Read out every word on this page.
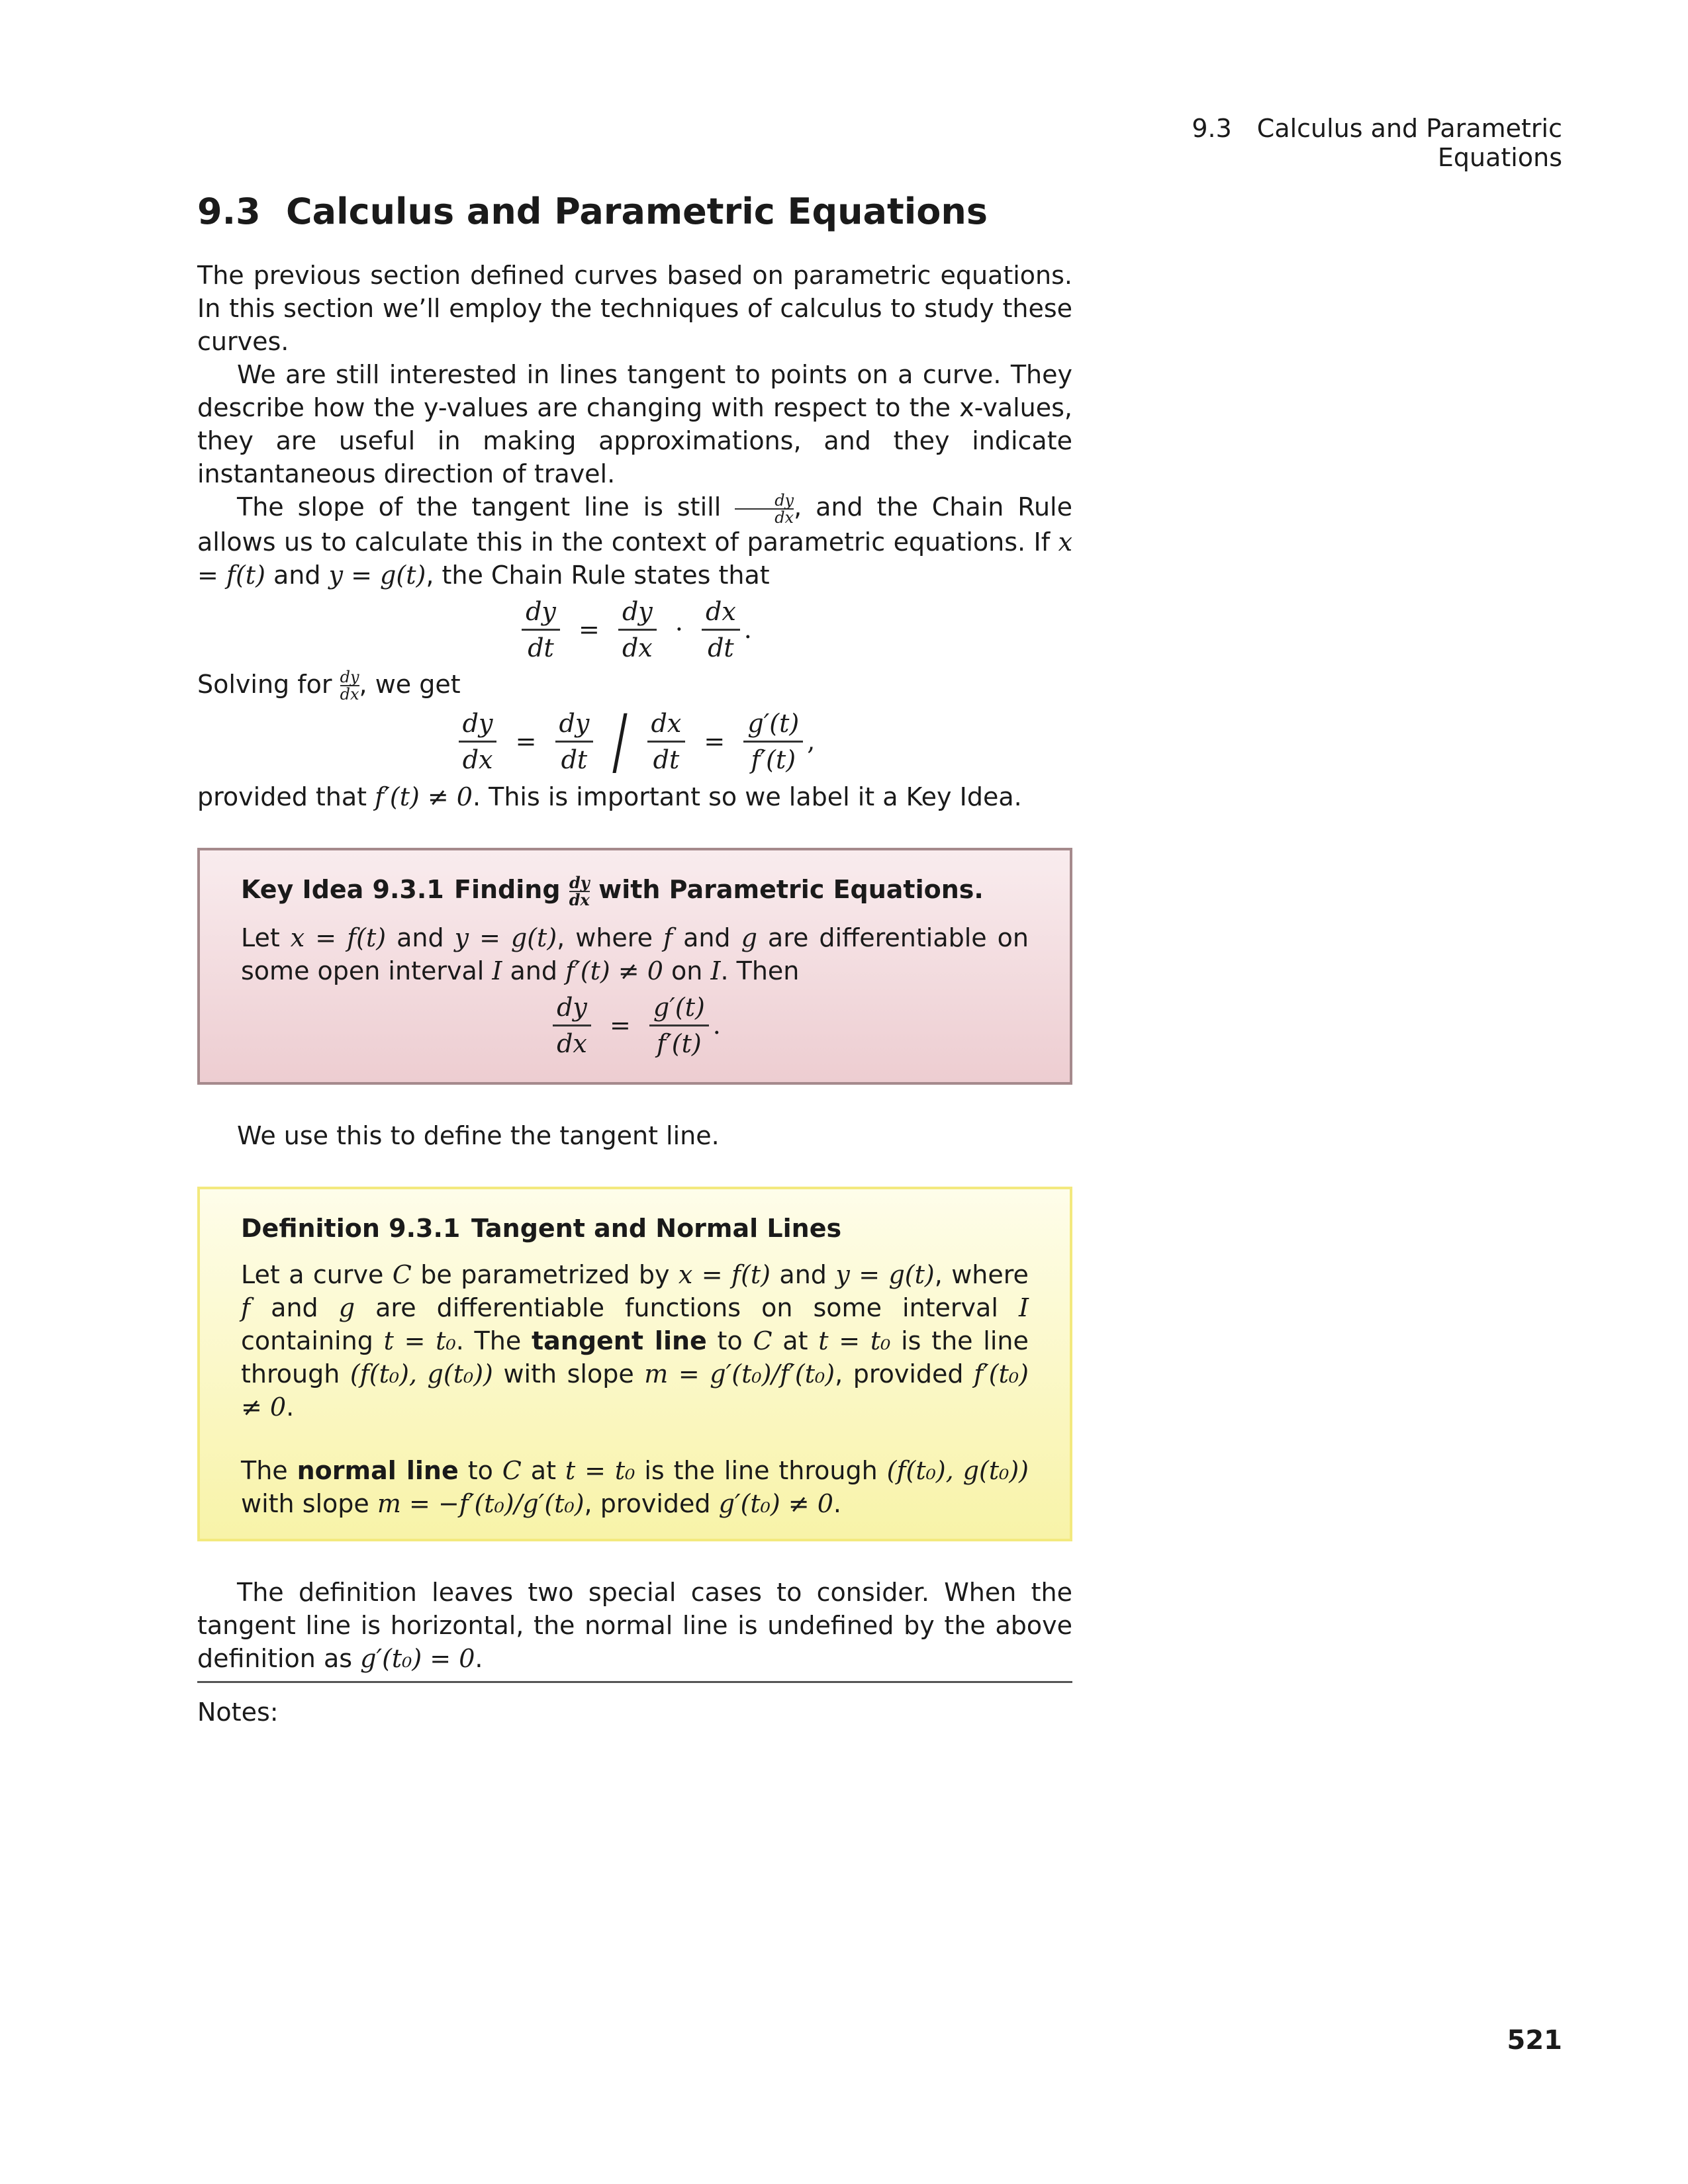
9.3 Calculus and Parametric Equations
9.3 Calculus and Parametric Equations

The previous section defined curves based on parametric equations. In this section we’ll employ the techniques of calculus to study these curves.

We are still interested in lines tangent to points on a curve. They describe how the y-values are changing with respect to the x-values, they are useful in making approximations, and they indicate instantaneous direction of travel.

The slope of the tangent line is still $\frac{dy}{dx}$ , and the Chain Rule allows us to calculate this in the context of parametric equations. If x = f(t) and y = g(t), the Chain Rule states that

$\frac{dy}{dt} = \frac{dy}{dx} \cdot \frac{dx}{dt}$ .

Solving for $\frac{dy}{dx}$ , we get

$\frac{dy}{dx} = \frac{dy}{dt} / \frac{dx}{dt} = \frac{g'(t)}{f'(t)}$ ,

provided that f′(t) ≠ 0. This is important so we label it a Key Idea.

Key Idea 9.3.1 Finding $\frac{dy}{dx}$ with Parametric Equations.

Let x = f(t) and y = g(t), where f and g are differentiable on some open interval I and f′(t) ≠ 0 on I. Then

$\frac{dy}{dx} = \frac{g'(t)}{f'(t)}$ .

We use this to define the tangent line.

Definition 9.3.1 Tangent and Normal Lines

Let a curve C be parametrized by x = f(t) and y = g(t), where f and g are differentiable functions on some interval I containing t = t₀. The tangent line to C at t = t₀ is the line through (f(t₀), g(t₀)) with slope m = g′(t₀)/f′(t₀), provided f′(t₀) ≠ 0.

The normal line to C at t = t₀ is the line through (f(t₀), g(t₀)) with slope m = −f′(t₀)/g′(t₀), provided g′(t₀) ≠ 0.

The definition leaves two special cases to consider. When the tangent line is horizontal, the normal line is undefined by the above definition as g′(t₀) = 0.

Notes:
521
